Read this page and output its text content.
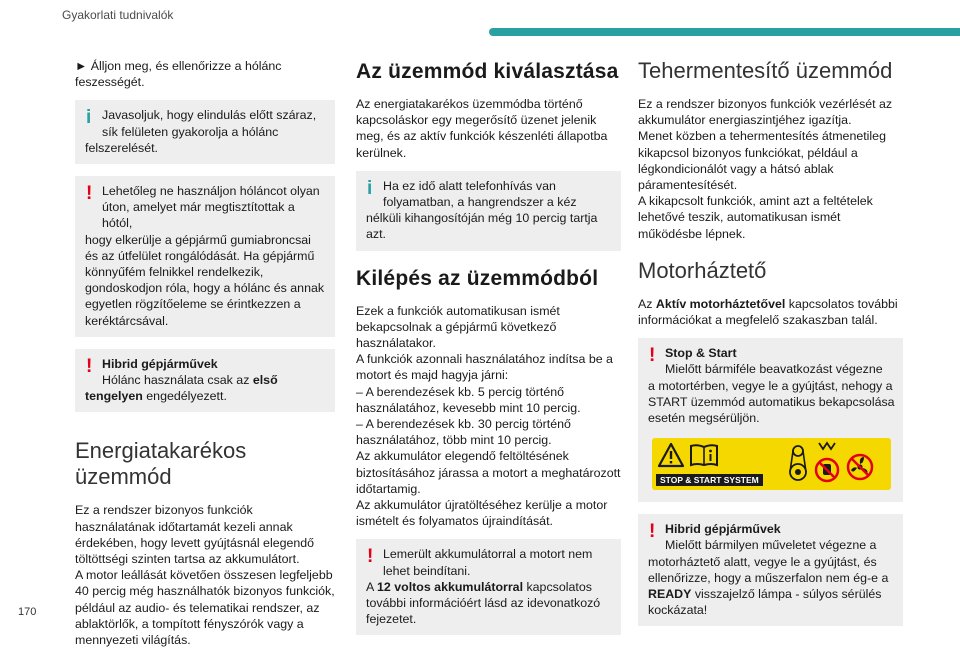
Gyakorlati tudnivalók

► Álljon meg, és ellenőrizze a hólánc feszességét.

i Javasoljuk, hogy elindulás előtt száraz,
sík felületen gyakorolja a hólánc
felszerelését.
! Lehetőleg ne használjon hóláncot olyan
úton, amelyet már megtisztítottak a hótól,
hogy elkerülje a gépjármű gumiabroncsai és az útfelület rongálódását. Ha gépjármű könnyűfém felnikkel rendelkezik, gondoskodjon róla, hogy a hólánc és annak egyetlen rögzítőeleme se érintkezzen a keréktárcsával.
! Hibrid gépjárművek
Hólánc használata csak az első
tengelyen engedélyezett.
Energiatakarékos üzemmód

Ez a rendszer bizonyos funkciók használatának időtartamát kezeli annak érdekében, hogy levett gyújtásnál elegendő töltöttségi szinten tartsa az akkumulátort.

A motor leállását követően összesen legfeljebb 40 percig még használhatók bizonyos funkciók, például az audio- és telematikai rendszer, az ablaktörlők, a tompított fényszórók vagy a mennyezeti világítás.

Az üzemmód kiválasztása

Az energiatakarékos üzemmódba történő kapcsoláskor egy megerősítő üzenet jelenik meg, és az aktív funkciók készenléti állapotba kerülnek.

i Ha ez idő alatt telefonhívás van
folyamatban, a hangrendszer a kéz
nélküli kihangosítóján még 10 percig tartja azt.
Kilépés az üzemmódból

Ezek a funkciók automatikusan ismét bekapcsolnak a gépjármű következő használatakor.

A funkciók azonnali használatához indítsa be a motort és majd hagyja járni:

– A berendezések kb. 5 percig történő használatához, kevesebb mint 10 percig.

– A berendezések kb. 30 percig történő használatához, több mint 10 percig.

Az akkumulátor elegendő feltöltésének biztosításához járassa a motort a meghatározott időtartamig.

Az akkumulátor újratöltéséhez kerülje a motor ismételt és folyamatos újraindítását.

! Lemerült akkumulátorral a motort nem
lehet beindítani.
A 12 voltos akkumulátorral kapcsolatos további információért lásd az idevonatkozó fejezetet.
Tehermentesítő üzemmód

Ez a rendszer bizonyos funkciók vezérlését az akkumulátor energiaszintjéhez igazítja.

Menet közben a tehermentesítés átmenetileg kikapcsol bizonyos funkciókat, például a légkondicionálót vagy a hátsó ablak páramentesítését.

A kikapcsolt funkciók, amint azt a feltételek lehetővé teszik, automatikusan ismét működésbe lépnek.

Motorháztető

Az Aktív motorháztetővel kapcsolatos további információkat a megfelelő szakaszban talál.

! Stop & Start
Mielőtt bármiféle beavatkozást végezne
a motortérben, vegye le a gyújtást, nehogy a START üzemmód automatikus bekapcsolása esetén megsérüljön.
STOP & START SYSTEM
! Hibrid gépjárművek
Mielőtt bármilyen műveletet végezne a
motorháztető alatt, vegye le a gyújtást, és ellenőrizze, hogy a műszerfalon nem ég-e a READY visszajelző lámpa - súlyos sérülés kockázata!
170
